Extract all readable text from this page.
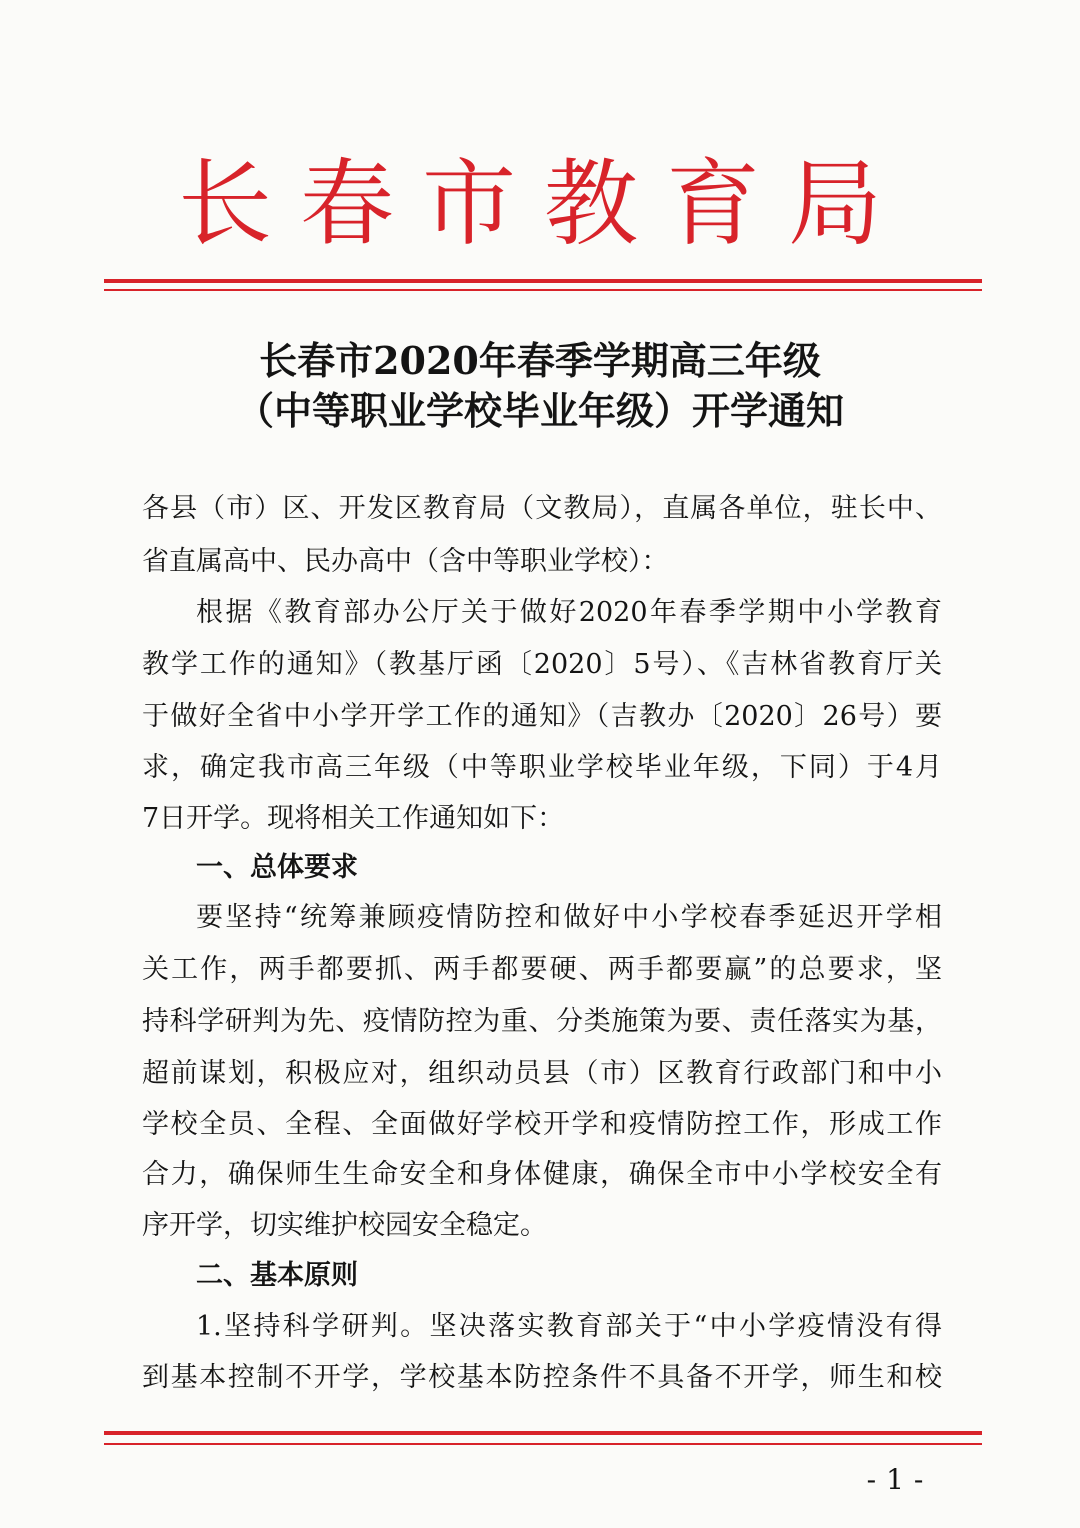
长春市教育局
长春市2020年春季学期高三年级
（中等职业学校毕业年级）开学通知
各县（市）区、开发区教育局（文教局），直属各单位，驻长中、
省直属高中、民办高中（含中等职业学校）：
根据《教育部办公厅关于做好2020年春季学期中小学教育
教学工作的通知》（教基厅函〔2020〕5号）、《吉林省教育厅关
于做好全省中小学开学工作的通知》（吉教办〔2020〕26号）要
求，确定我市高三年级（中等职业学校毕业年级，下同）于4月
7日开学。现将相关工作通知如下：
一、总体要求
要坚持“统筹兼顾疫情防控和做好中小学校春季延迟开学相
关工作，两手都要抓、两手都要硬、两手都要赢”的总要求，坚
持科学研判为先、疫情防控为重、分类施策为要、责任落实为基，
超前谋划，积极应对，组织动员县（市）区教育行政部门和中小
学校全员、全程、全面做好学校开学和疫情防控工作，形成工作
合力，确保师生生命安全和身体健康，确保全市中小学校安全有
序开学，切实维护校园安全稳定。
二、基本原则
1.坚持科学研判。坚决落实教育部关于“中小学疫情没有得
到基本控制不开学，学校基本防控条件不具备不开学，师生和校
-1-
